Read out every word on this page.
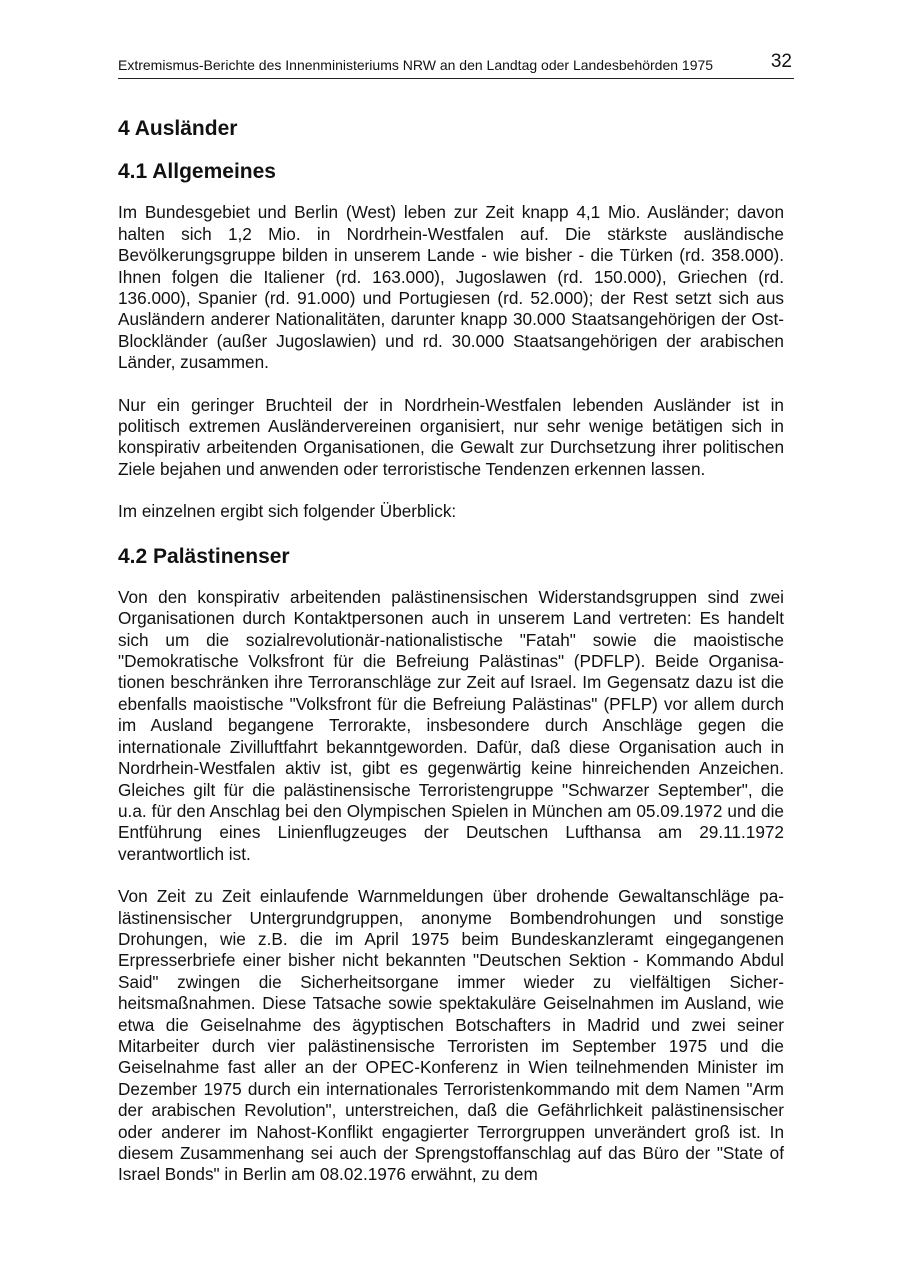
Extremismus-Berichte des Innenministeriums NRW an den Landtag oder Landesbehörden 1975	32
4 Ausländer
4.1 Allgemeines

Im Bundesgebiet und Berlin (West) leben zur Zeit knapp 4,1 Mio. Ausländer; davon halten sich 1,2 Mio. in Nordrhein-Westfalen auf. Die stärkste ausländische Bevölkerungsgruppe bilden in unserem Lande - wie bisher - die Türken (rd. 358.000). Ihnen folgen die Italiener (rd. 163.000), Jugoslawen (rd. 150.000), Griechen (rd. 136.000), Spanier (rd. 91.000) und Portugiesen (rd. 52.000); der Rest setzt sich aus Ausländern anderer Nationalitäten, darunter knapp 30.000 Staatsangehörigen der Ost-Blockländer (außer Jugoslawien) und rd. 30.000 Staatsangehörigen der arabischen Länder, zusammen.

Nur ein geringer Bruchteil der in Nordrhein-Westfalen lebenden Ausländer ist in politisch extremen Ausländervereinen organisiert, nur sehr wenige betätigen sich in konspirativ arbeitenden Organisationen, die Gewalt zur Durchsetzung ihrer politischen Ziele bejahen und anwenden oder terroristische Tendenzen erkennen lassen.

Im einzelnen ergibt sich folgender Überblick:

4.2 Palästinenser

Von den konspirativ arbeitenden palästinensischen Widerstandsgruppen sind zwei Organisationen durch Kontaktpersonen auch in unserem Land vertreten: Es handelt sich um die sozialrevolutionär-nationalistische "Fatah" sowie die maoistische "Demokratische Volksfront für die Befreiung Palästinas" (PDFLP). Beide Organisationen beschränken ihre Terroranschläge zur Zeit auf Israel. Im Gegensatz dazu ist die ebenfalls maoistische "Volksfront für die Befreiung Palästinas" (PFLP) vor allem durch im Ausland begangene Terrorakte, insbesondere durch Anschläge gegen die internationale Zivilluftfahrt bekanntgeworden. Dafür, daß diese Organisation auch in Nordrhein-Westfalen aktiv ist, gibt es gegenwärtig keine hinreichenden Anzeichen. Gleiches gilt für die palästinensische Terroristengruppe "Schwarzer September", die u.a. für den Anschlag bei den Olympischen Spielen in München am 05.09.1972 und die Entführung eines Linienflugzeuges der Deutschen Lufthansa am 29.11.1972 verantwortlich ist.

Von Zeit zu Zeit einlaufende Warnmeldungen über drohende Gewaltanschläge palästinensischer Untergrundgruppen, anonyme Bombendrohungen und sonstige Drohungen, wie z.B. die im April 1975 beim Bundeskanzleramt eingegangenen Erpresserbriefe einer bisher nicht bekannten "Deutschen Sektion - Kommando Abdul Said" zwingen die Sicherheitsorgane immer wieder zu vielfältigen Sicherheitsmaßnahmen. Diese Tatsache sowie spektakuläre Geiselnahmen im Ausland, wie etwa die Geiselnahme des ägyptischen Botschafters in Madrid und zwei seiner Mitarbeiter durch vier palästinensische Terroristen im September 1975 und die Geiselnahme fast aller an der OPEC-Konferenz in Wien teilnehmenden Minister im Dezember 1975 durch ein internationales Terroristenkommando mit dem Namen "Arm der arabischen Revolution", unterstreichen, daß die Gefährlichkeit palästinensischer oder anderer im Nahost-Konflikt engagierter Terrorgruppen unverändert groß ist. In diesem Zusammenhang sei auch der Sprengstoffanschlag auf das Büro der "State of Israel Bonds" in Berlin am 08.02.1976 erwähnt, zu dem
